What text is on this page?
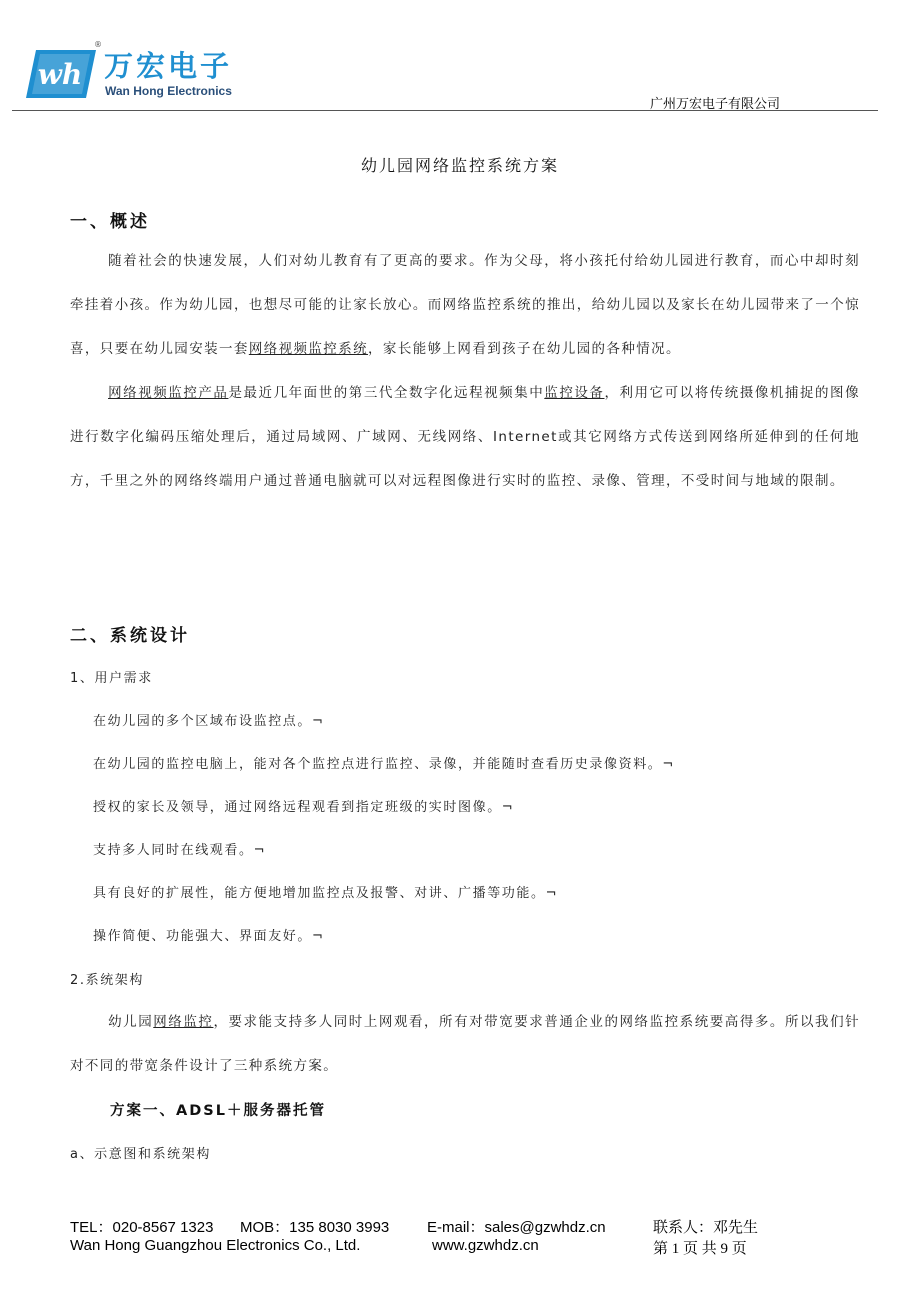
wh
®
万宏电子
Wan Hong Electronics
广州万宏电子有限公司
幼儿园网络监控系统方案
一、概述
随着社会的快速发展，人们对幼儿教育有了更高的要求。作为父母，将小孩托付给幼儿园进行教育，而心中却时刻牵挂着小孩。作为幼儿园，也想尽可能的让家长放心。而网络监控系统的推出，给幼儿园以及家长在幼儿园带来了一个惊喜，只要在幼儿园安装一套网络视频监控系统，家长能够上网看到孩子在幼儿园的各种情况。
网络视频监控产品是最近几年面世的第三代全数字化远程视频集中监控设备，利用它可以将传统摄像机捕捉的图像进行数字化编码压缩处理后，通过局域网、广域网、无线网络、Internet或其它网络方式传送到网络所延伸到的任何地方，千里之外的网络终端用户通过普通电脑就可以对远程图像进行实时的监控、录像、管理，不受时间与地域的限制。
二、系统设计
1、用户需求
在幼儿园的多个区域布设监控点。¬
在幼儿园的监控电脑上，能对各个监控点进行监控、录像，并能随时查看历史录像资料。¬
授权的家长及领导，通过网络远程观看到指定班级的实时图像。¬
支持多人同时在线观看。¬
具有良好的扩展性，能方便地增加监控点及报警、对讲、广播等功能。¬
操作简便、功能强大、界面友好。¬
2.系统架构
幼儿园网络监控，要求能支持多人同时上网观看，所有对带宽要求普通企业的网络监控系统要高得多。所以我们针对不同的带宽条件设计了三种系统方案。
方案一、ADSL＋服务器托管
a、示意图和系统架构
TEL：020-8567 1323 MOB：135 8030 3993	E-mail：sales@gzwhdz.cn	联系人：邓先生
Wan Hong Guangzhou Electronics Co., Ltd.	www.gzwhdz.cn	第 1 页 共 9 页
